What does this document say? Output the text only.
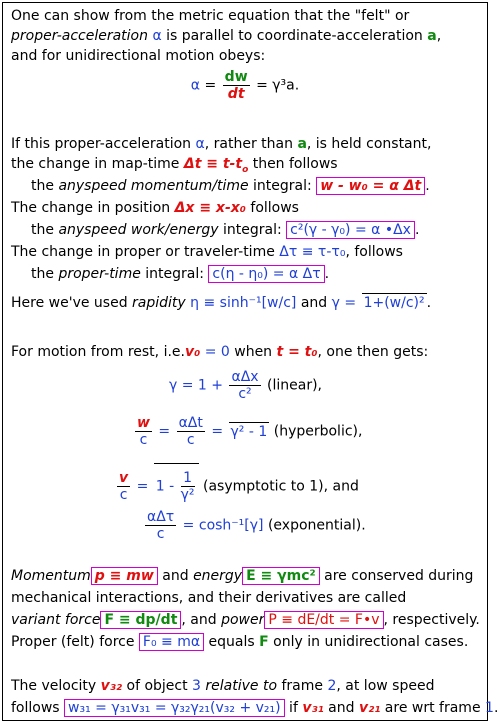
One can show from the metric equation that the "felt" or
proper-acceleration α is parallel to coordinate-acceleration a,
and for unidirectional motion obeys:
$\alpha = \frac{dw}{dt} = \gamma^3a$.
If this proper-acceleration α, rather than a, is held constant,
the change in map-time $\Delta t \equiv t-t_o$ then follows
the anyspeed momentum/time integral: w - w₀ = α Δt .
The change in position Δx ≡ x-x₀ follows
the anyspeed work/energy integral: c²(γ - γ₀) = α •Δx .
The change in proper or traveler-time Δτ ≡ τ-τ₀, follows
the proper-time integral: c(η - η₀) = α Δτ .
Here we've used rapidity η ≡ sinh⁻¹[w/c] and γ = 1+(w/c)² .
For motion from rest, i.e.v₀ = 0 when t = t₀, one then gets:
$\gamma = 1 + \frac{\text{αΔx}}{\text{c²}}$ (linear),
$\frac{w}{c} = \frac{\text{αΔt}}{c} = \gamma^2 - 1$ (hyperbolic),
$\frac{v}{c} = 1 - \frac{1}{\text{γ²}}$ (asymptotic to 1), and
$\frac{\text{αΔτ}}{c} = \cosh^{-1}[\gamma]$ (exponential).
Momentum p ≡ mw and energy E ≡ γmc² are conserved during
mechanical interactions, and their derivatives are called
variant force F ≡ dp/dt , and power P ≡ dE/dt = F•v , respectively.
Proper (felt) force F₀ ≡ mα equals F only in unidirectional cases.
The velocity v₃₂ of object 3 relative to frame 2, at low speed
follows w₃₁ = γ₃₁v₃₁ = γ₃₂γ₂₁(v₃₂ + v₂₁) if v₃₁ and v₂₁ are wrt frame 1.
